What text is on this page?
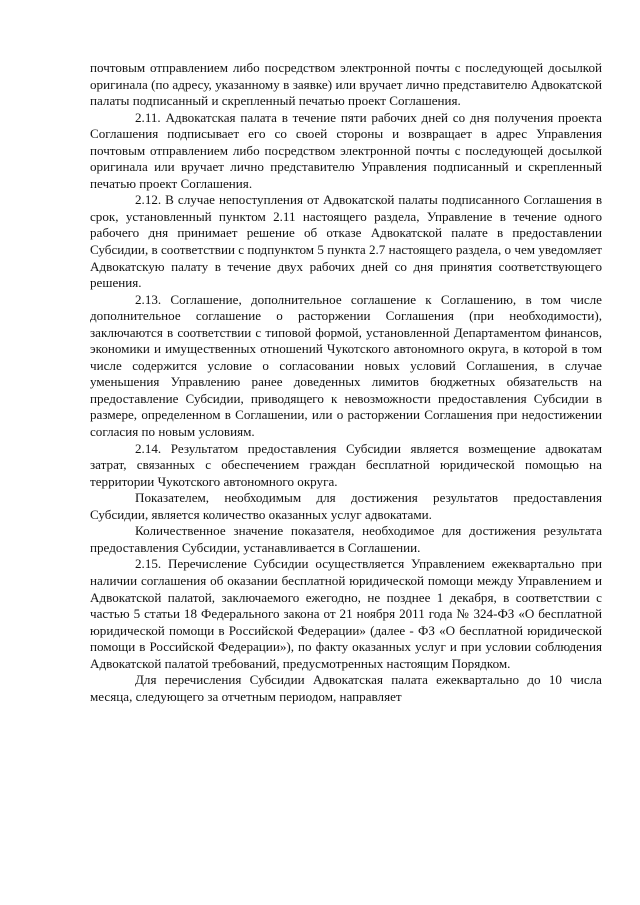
почтовым отправлением либо посредством электронной почты с последующей досылкой оригинала (по адресу, указанному в заявке) или вручает лично представителю Адвокатской палаты подписанный и скрепленный печатью проект Соглашения.

2.11. Адвокатская палата в течение пяти рабочих дней со дня получения проекта Соглашения подписывает его со своей стороны и возвращает в адрес Управления почтовым отправлением либо посредством электронной почты с последующей досылкой оригинала или вручает лично представителю Управления подписанный и скрепленный печатью проект Соглашения.

2.12. В случае непоступления от Адвокатской палаты подписанного Соглашения в срок, установленный пунктом 2.11 настоящего раздела, Управление в течение одного рабочего дня принимает решение об отказе Адвокатской палате в предоставлении Субсидии, в соответствии с подпунктом 5 пункта 2.7 настоящего раздела, о чем уведомляет Адвокатскую палату в течение двух рабочих дней со дня принятия соответствующего решения.

2.13. Соглашение, дополнительное соглашение к Соглашению, в том числе дополнительное соглашение о расторжении Соглашения (при необходимости), заключаются в соответствии с типовой формой, установленной Департаментом финансов, экономики и имущественных отношений Чукотского автономного округа, в которой в том числе содержится условие о согласовании новых условий Соглашения, в случае уменьшения Управлению ранее доведенных лимитов бюджетных обязательств на предоставление Субсидии, приводящего к невозможности предоставления Субсидии в размере, определенном в Соглашении, или о расторжении Соглашения при недостижении согласия по новым условиям.

2.14. Результатом предоставления Субсидии является возмещение адвокатам затрат, связанных с обеспечением граждан бесплатной юридической помощью на территории Чукотского автономного округа.

Показателем, необходимым для достижения результатов предоставления Субсидии, является количество оказанных услуг адвокатами.

Количественное значение показателя, необходимое для достижения результата предоставления Субсидии, устанавливается в Соглашении.

2.15. Перечисление Субсидии осуществляется Управлением ежеквартально при наличии соглашения об оказании бесплатной юридической помощи между Управлением и Адвокатской палатой, заключаемого ежегодно, не позднее 1 декабря, в соответствии с частью 5 статьи 18 Федерального закона от 21 ноября 2011 года № 324-ФЗ «О бесплатной юридической помощи в Российской Федерации» (далее - ФЗ «О бесплатной юридической помощи в Российской Федерации»), по факту оказанных услуг и при условии соблюдения Адвокатской палатой требований, предусмотренных настоящим Порядком.

Для перечисления Субсидии Адвокатская палата ежеквартально до 10 числа месяца, следующего за отчетным периодом, направляет
